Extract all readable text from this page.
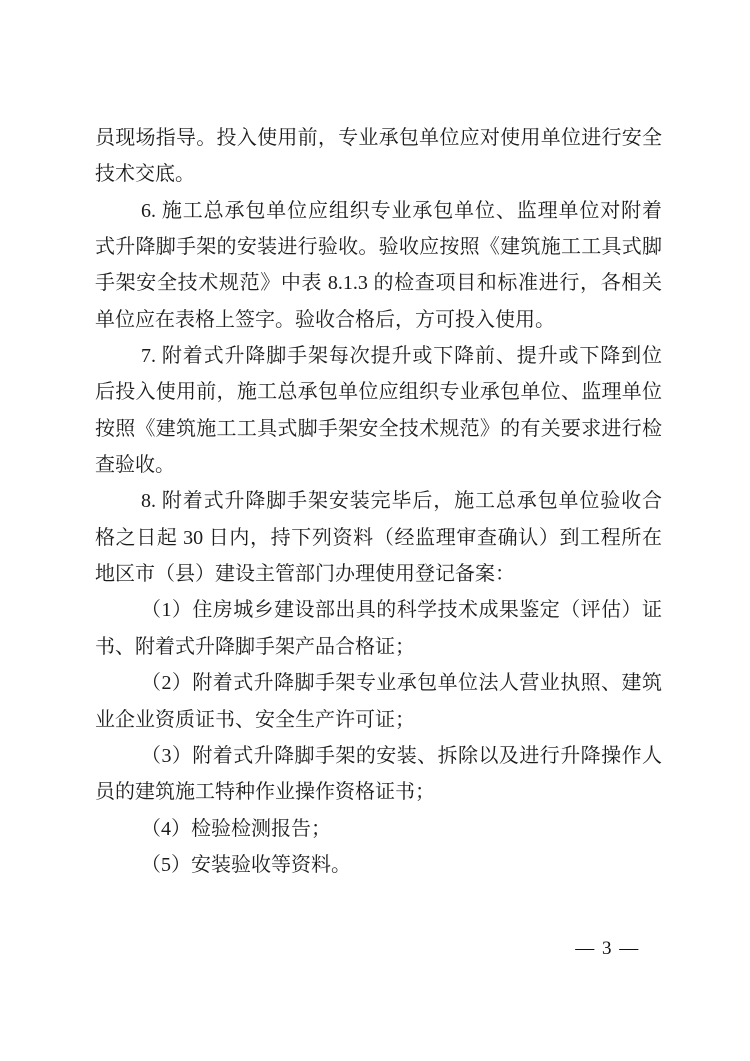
员现场指导。投入使用前，专业承包单位应对使用单位进行安全
技术交底。
6. 施工总承包单位应组织专业承包单位、监理单位对附着
式升降脚手架的安装进行验收。验收应按照《建筑施工工具式脚
手架安全技术规范》中表 8.1.3 的检查项目和标准进行，各相关
单位应在表格上签字。验收合格后，方可投入使用。
7. 附着式升降脚手架每次提升或下降前、提升或下降到位
后投入使用前，施工总承包单位应组织专业承包单位、监理单位
按照《建筑施工工具式脚手架安全技术规范》的有关要求进行检
查验收。
8. 附着式升降脚手架安装完毕后，施工总承包单位验收合
格之日起 30 日内，持下列资料（经监理审查确认）到工程所在
地区市（县）建设主管部门办理使用登记备案：
（1）住房城乡建设部出具的科学技术成果鉴定（评估）证
书、附着式升降脚手架产品合格证；
（2）附着式升降脚手架专业承包单位法人营业执照、建筑
业企业资质证书、安全生产许可证；
（3）附着式升降脚手架的安装、拆除以及进行升降操作人
员的建筑施工特种作业操作资格证书；
（4）检验检测报告；
（5）安装验收等资料。
— 3 —
